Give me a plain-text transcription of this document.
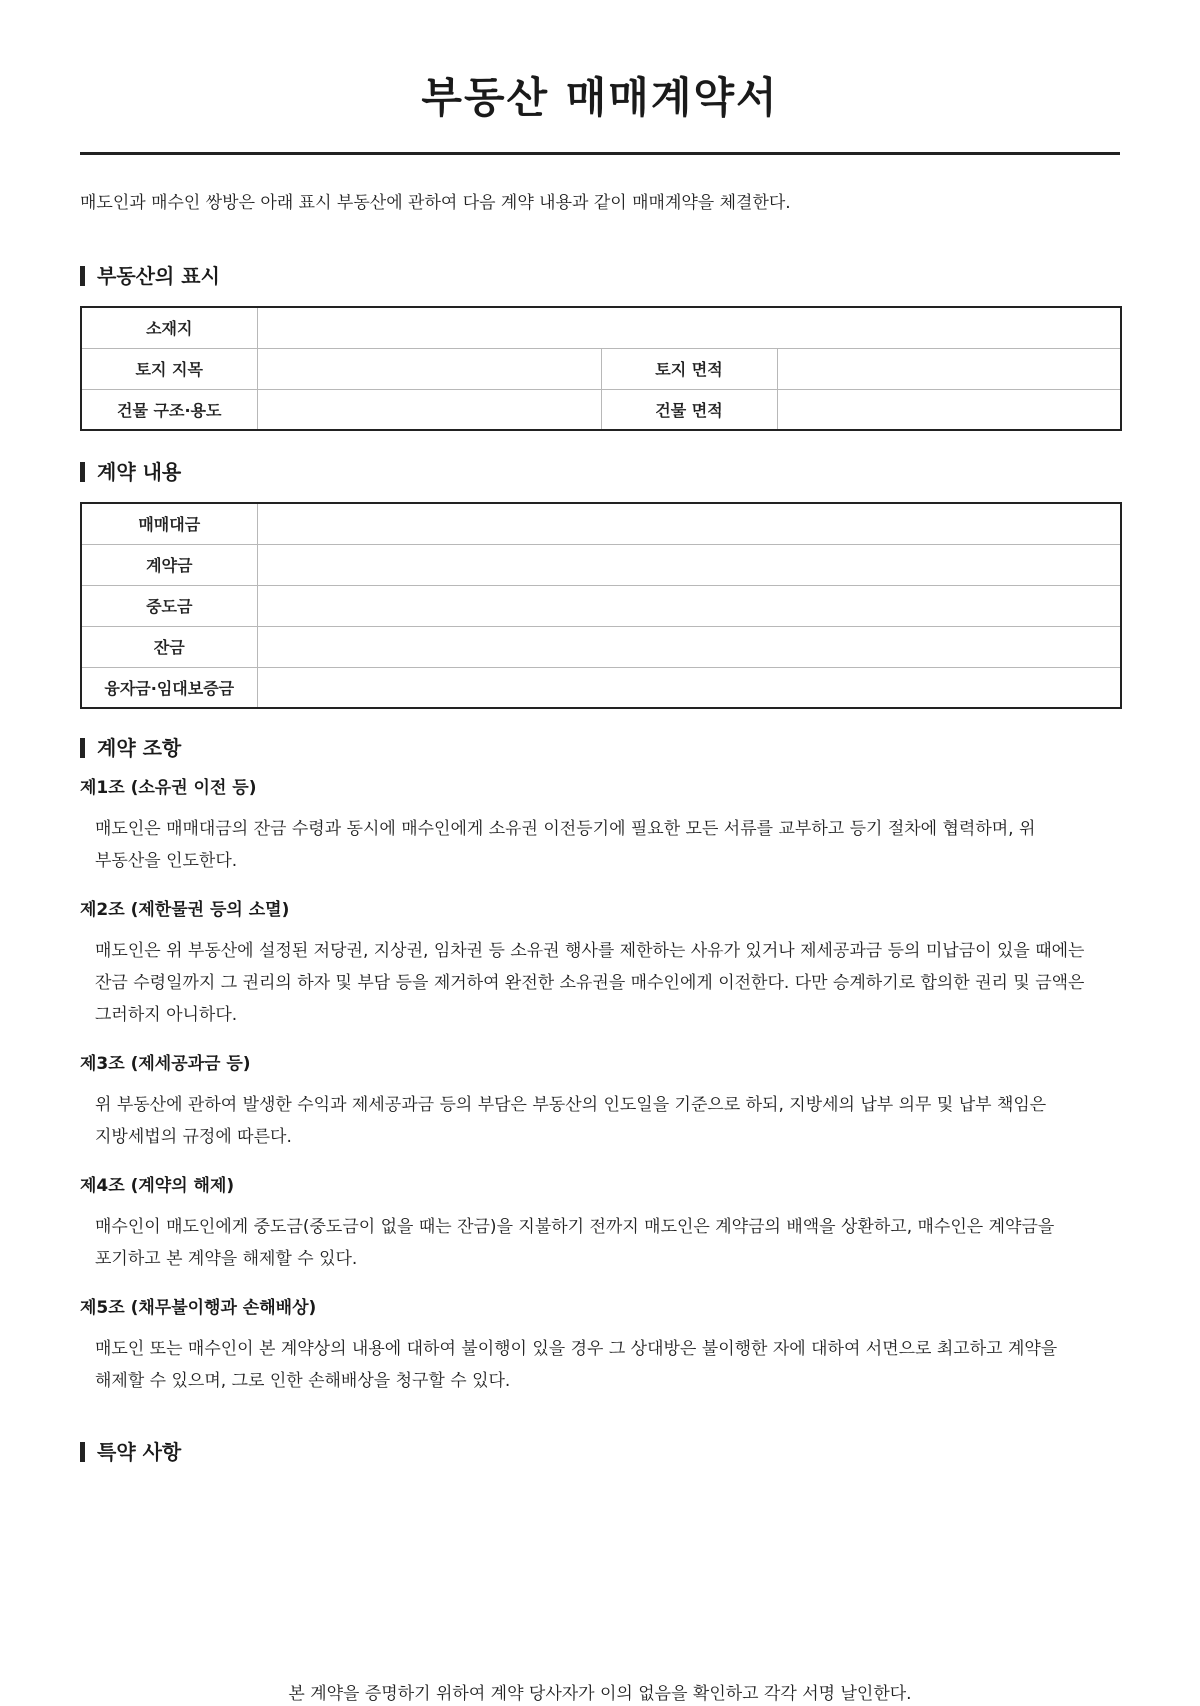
부동산 매매계약서

매도인과 매수인 쌍방은 아래 표시 부동산에 관하여 다음 계약 내용과 같이 매매계약을 체결한다.

부동산의 표시
소재지			
토지 지목		토지 면적	
건물 구조·용도		건물 면적	
계약 내용
매매대금	
계약금	
중도금	
잔금	
융자금·임대보증금	
계약 조항
제1조 (소유권 이전 등)

매도인은 매매대금의 잔금 수령과 동시에 매수인에게 소유권 이전등기에 필요한 모든 서류를 교부하고 등기 절차에 협력하며, 위
부동산을 인도한다.

제2조 (제한물권 등의 소멸)

매도인은 위 부동산에 설정된 저당권, 지상권, 임차권 등 소유권 행사를 제한하는 사유가 있거나 제세공과금 등의 미납금이 있을 때에는
잔금 수령일까지 그 권리의 하자 및 부담 등을 제거하여 완전한 소유권을 매수인에게 이전한다. 다만 승계하기로 합의한 권리 및 금액은
그러하지 아니하다.

제3조 (제세공과금 등)

위 부동산에 관하여 발생한 수익과 제세공과금 등의 부담은 부동산의 인도일을 기준으로 하되, 지방세의 납부 의무 및 납부 책임은
지방세법의 규정에 따른다.

제4조 (계약의 해제)

매수인이 매도인에게 중도금(중도금이 없을 때는 잔금)을 지불하기 전까지 매도인은 계약금의 배액을 상환하고, 매수인은 계약금을
포기하고 본 계약을 해제할 수 있다.

제5조 (채무불이행과 손해배상)

매도인 또는 매수인이 본 계약상의 내용에 대하여 불이행이 있을 경우 그 상대방은 불이행한 자에 대하여 서면으로 최고하고 계약을
해제할 수 있으며, 그로 인한 손해배상을 청구할 수 있다.

특약 사항
본 계약을 증명하기 위하여 계약 당사자가 이의 없음을 확인하고 각각 서명 날인한다.
